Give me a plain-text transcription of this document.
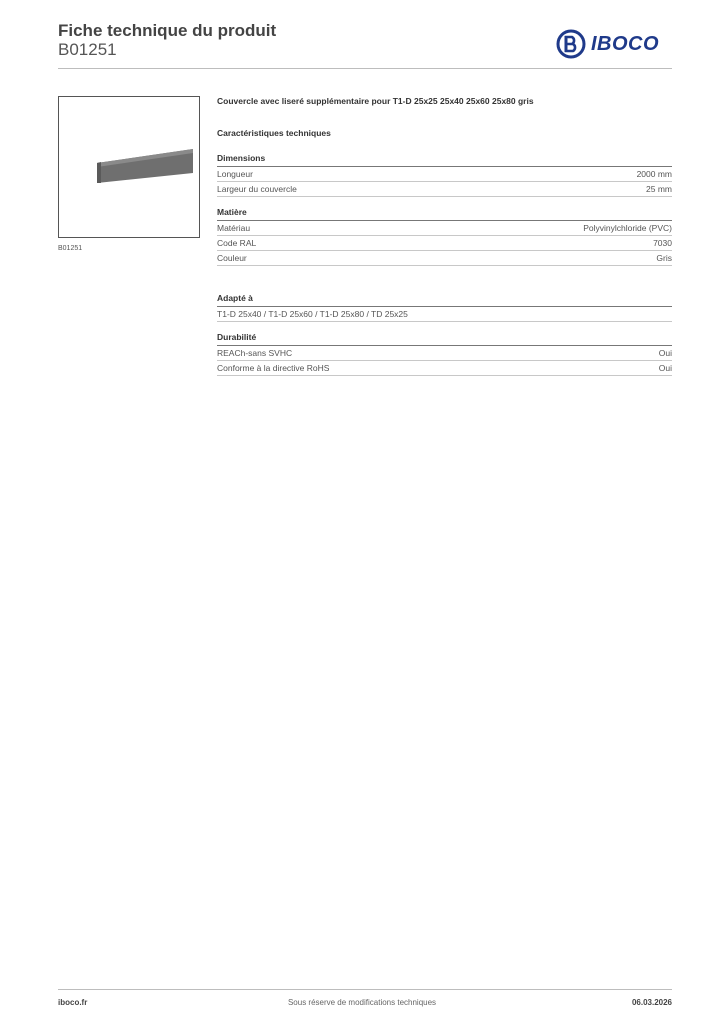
Fiche technique du produit
B01251	IBOCO
B01251
Couvercle avec liseré supplémentaire pour T1-D 25x25 25x40 25x60 25x80 gris
Caractéristiques techniques
Dimensions
Longueur	2000 mm
Largeur du couvercle	25 mm
Matière
Matériau	Polyvinylchloride (PVC)
Code RAL	7030
Couleur	Gris
Adapté à
T1-D 25x40 / T1-D 25x60 / T1-D 25x80 / TD 25x25
Durabilité
REACh-sans SVHC	Oui
Conforme à la directive RoHS	Oui
Sous réserve de modifications techniques
iboco.fr	06.03.2026
